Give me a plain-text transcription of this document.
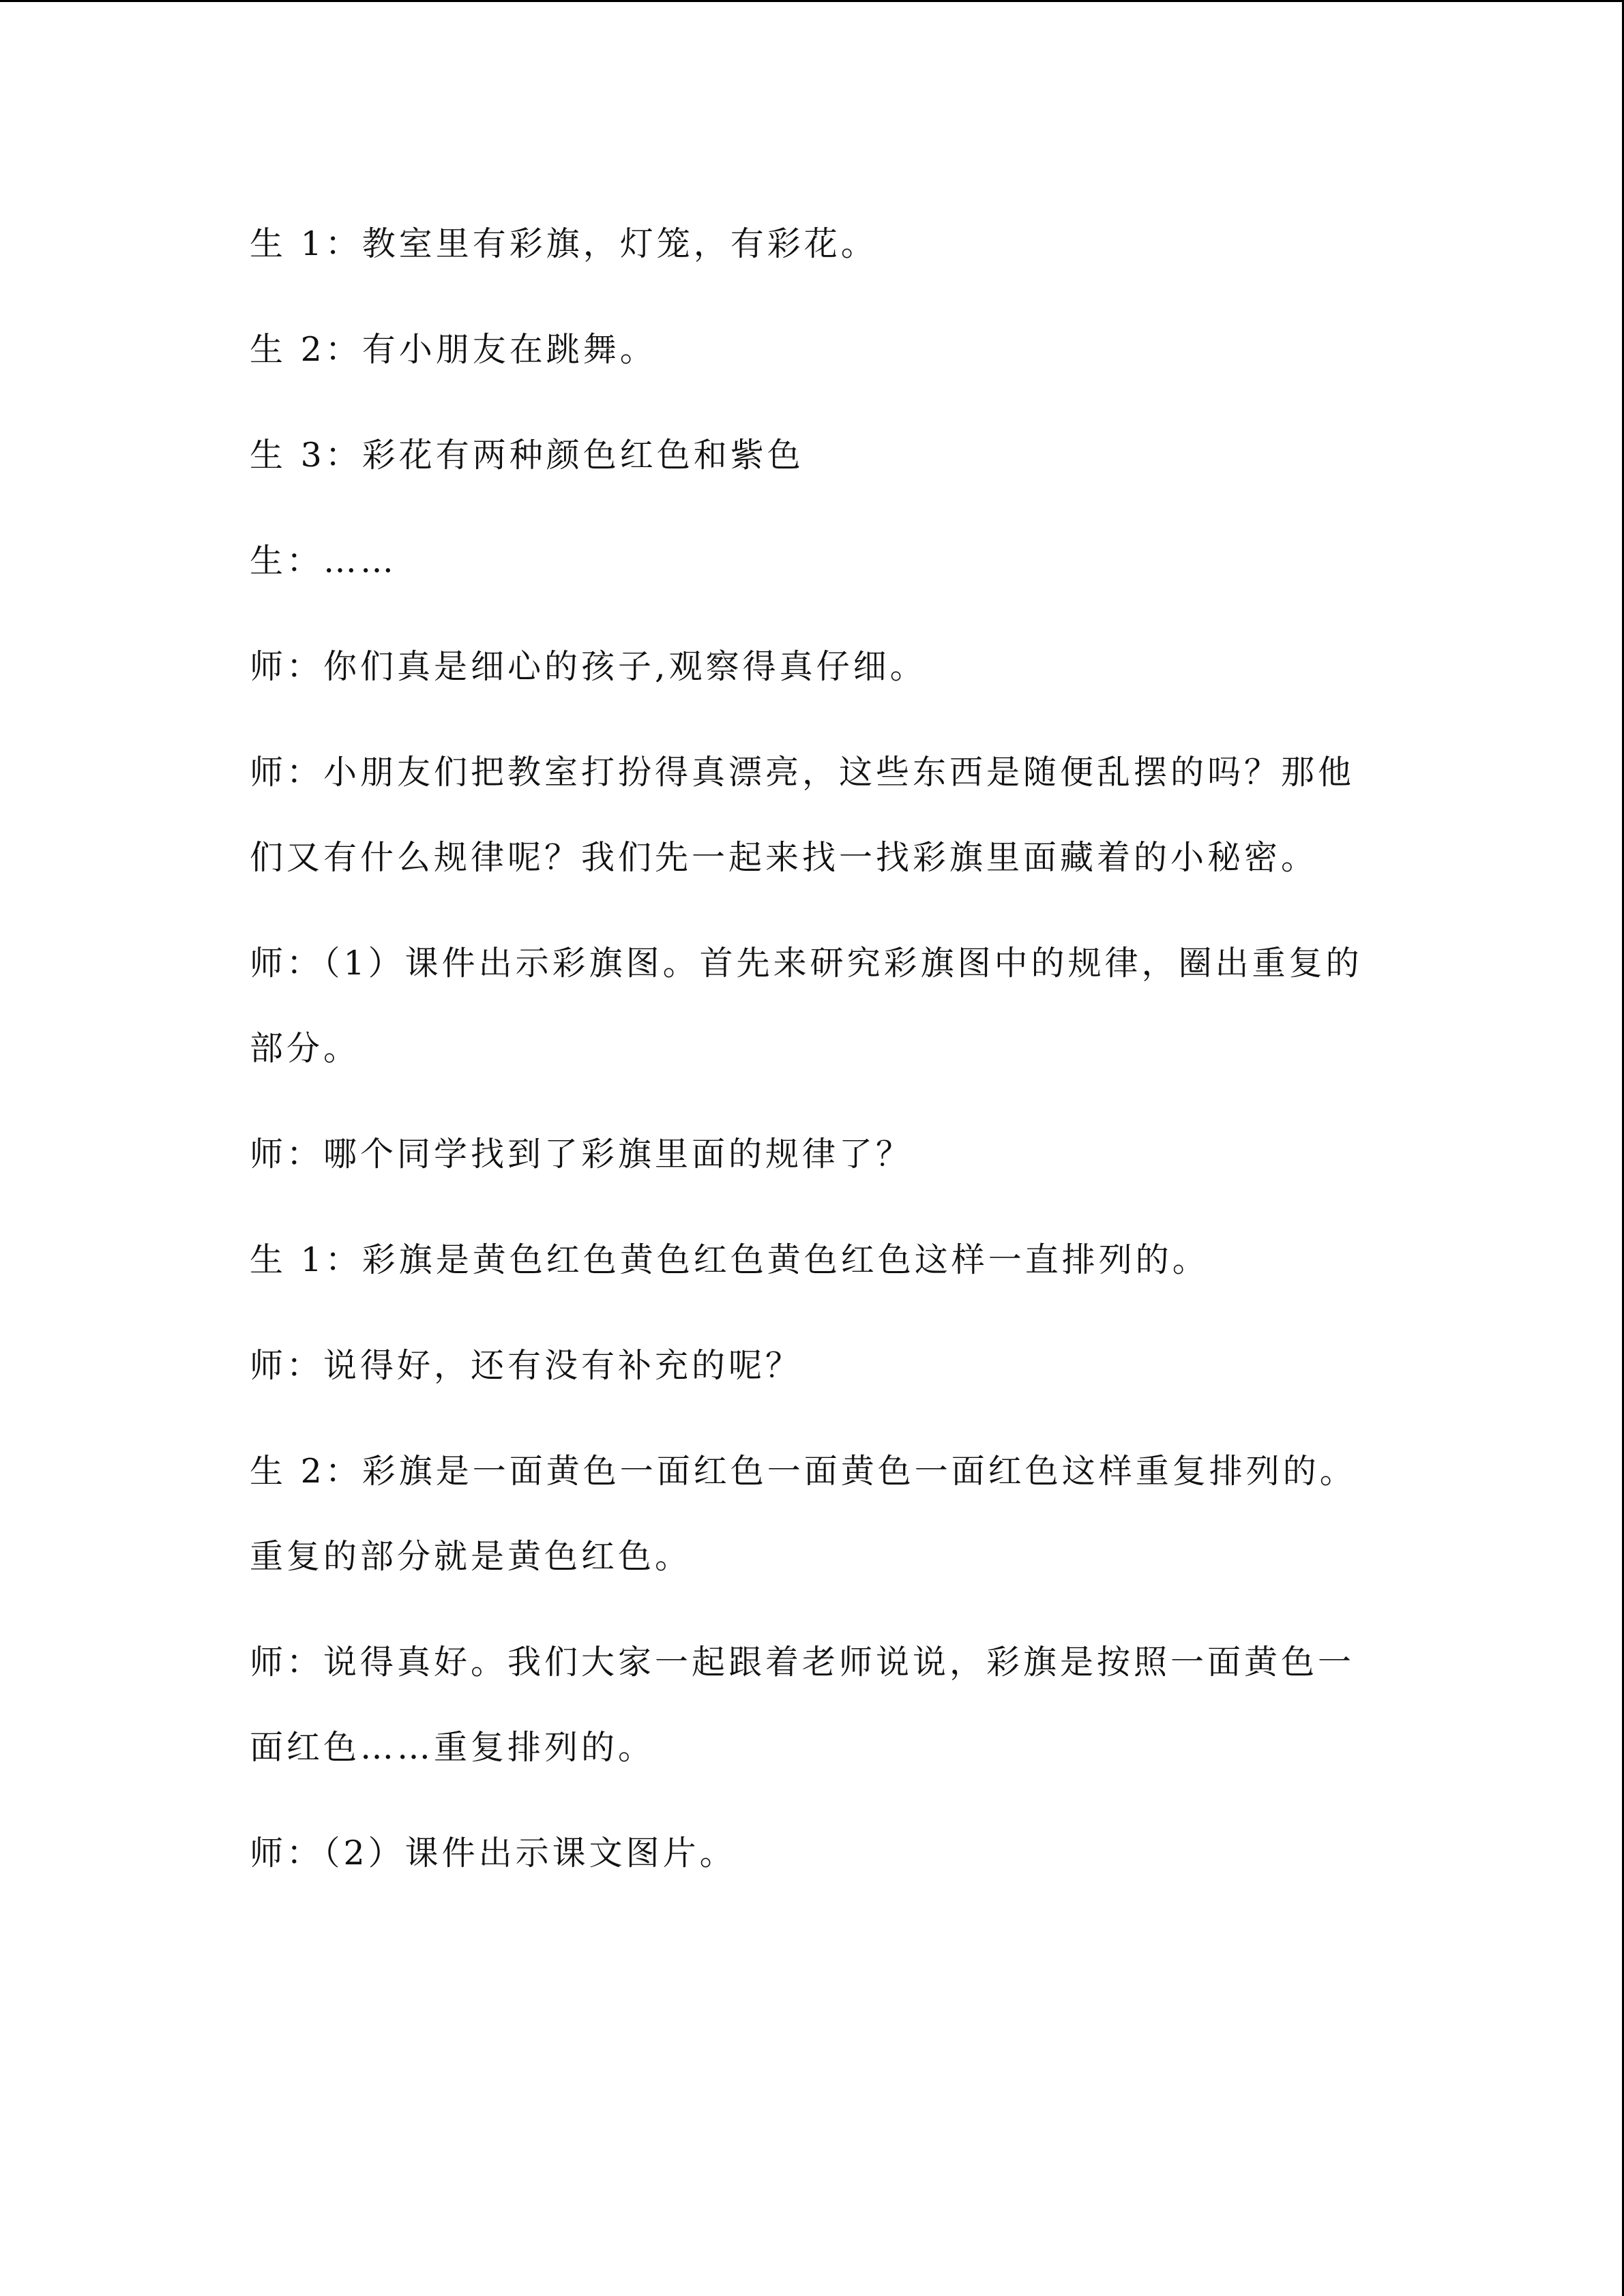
生 1：教室里有彩旗，灯笼，有彩花。

生 2：有小朋友在跳舞。

生 3：彩花有两种颜色红色和紫色

生：……

师：你们真是细心的孩子,观察得真仔细。

师：小朋友们把教室打扮得真漂亮，这些东西是随便乱摆的吗？那他们又有什么规律呢？我们先一起来找一找彩旗里面藏着的小秘密。

师：（1）课件出示彩旗图。首先来研究彩旗图中的规律，圈出重复的部分。

师：哪个同学找到了彩旗里面的规律了？

生 1：彩旗是黄色红色黄色红色黄色红色这样一直排列的。

师：说得好，还有没有补充的呢？

生 2：彩旗是一面黄色一面红色一面黄色一面红色这样重复排列的。重复的部分就是黄色红色。

师：说得真好。我们大家一起跟着老师说说，彩旗是按照一面黄色一面红色……重复排列的。

师：（2）课件出示课文图片。
